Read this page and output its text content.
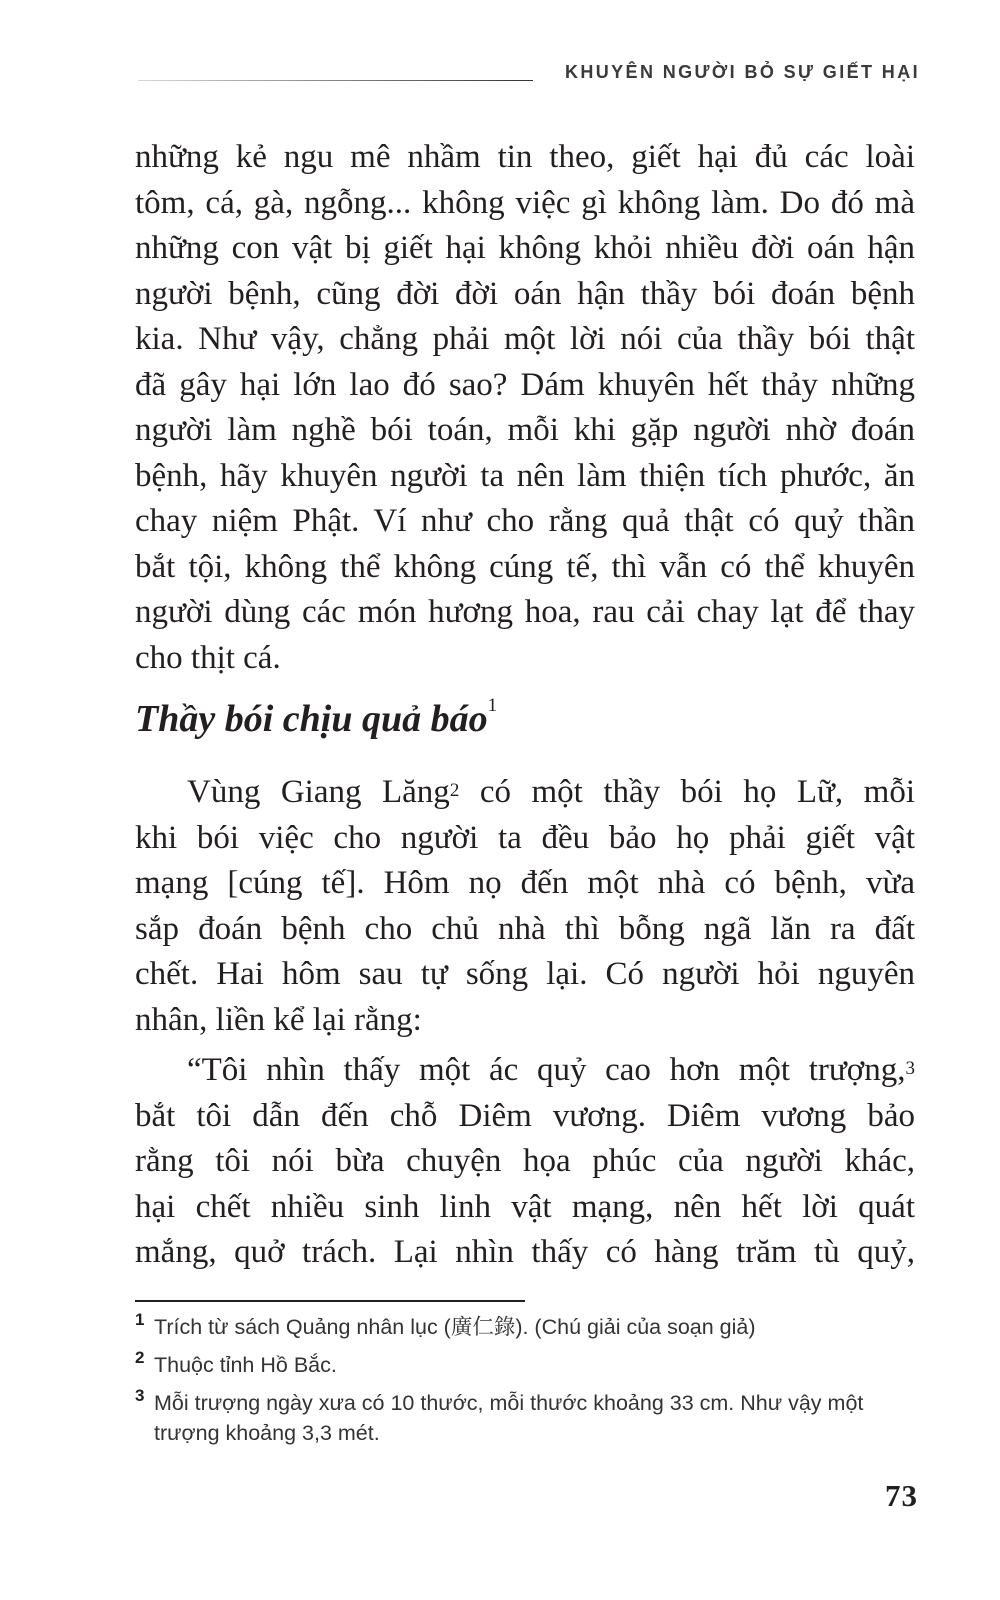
KHUYÊN NGƯỜI BỎ SỰ GIẾT HẠI
những kẻ ngu mê nhầm tin theo, giết hại đủ các loài
tôm, cá, gà, ngỗng... không việc gì không làm. Do đó mà
những con vật bị giết hại không khỏi nhiều đời oán hận
người bệnh, cũng đời đời oán hận thầy bói đoán bệnh
kia. Như vậy, chẳng phải một lời nói của thầy bói thật
đã gây hại lớn lao đó sao? Dám khuyên hết thảy những
người làm nghề bói toán, mỗi khi gặp người nhờ đoán
bệnh, hãy khuyên người ta nên làm thiện tích phước, ăn
chay niệm Phật. Ví như cho rằng quả thật có quỷ thần
bắt tội, không thể không cúng tế, thì vẫn có thể khuyên
người dùng các món hương hoa, rau cải chay lạt để thay
cho thịt cá.
Thầy bói chịu quả báo$^1$
Vùng Giang Lăng$^2$ có một thầy bói họ Lữ, mỗi
khi bói việc cho người ta đều bảo họ phải giết vật
mạng [cúng tế]. Hôm nọ đến một nhà có bệnh, vừa
sắp đoán bệnh cho chủ nhà thì bỗng ngã lăn ra đất
chết. Hai hôm sau tự sống lại. Có người hỏi nguyên
nhân, liền kể lại rằng:
“Tôi nhìn thấy một ác quỷ cao hơn một trượng,$^3$
bắt tôi dẫn đến chỗ Diêm vương. Diêm vương bảo
rằng tôi nói bừa chuyện họa phúc của người khác,
hại chết nhiều sinh linh vật mạng, nên hết lời quát
mắng, quở trách. Lại nhìn thấy có hàng trăm tù quỷ,
1 Trích từ sách Quảng nhân lục (廣仁錄). (Chú giải của soạn giả)
2 Thuộc tỉnh Hồ Bắc.
3 Mỗi trượng ngày xưa có 10 thước, mỗi thước khoảng 33 cm. Như vậy một trượng khoảng 3,3 mét.
73
